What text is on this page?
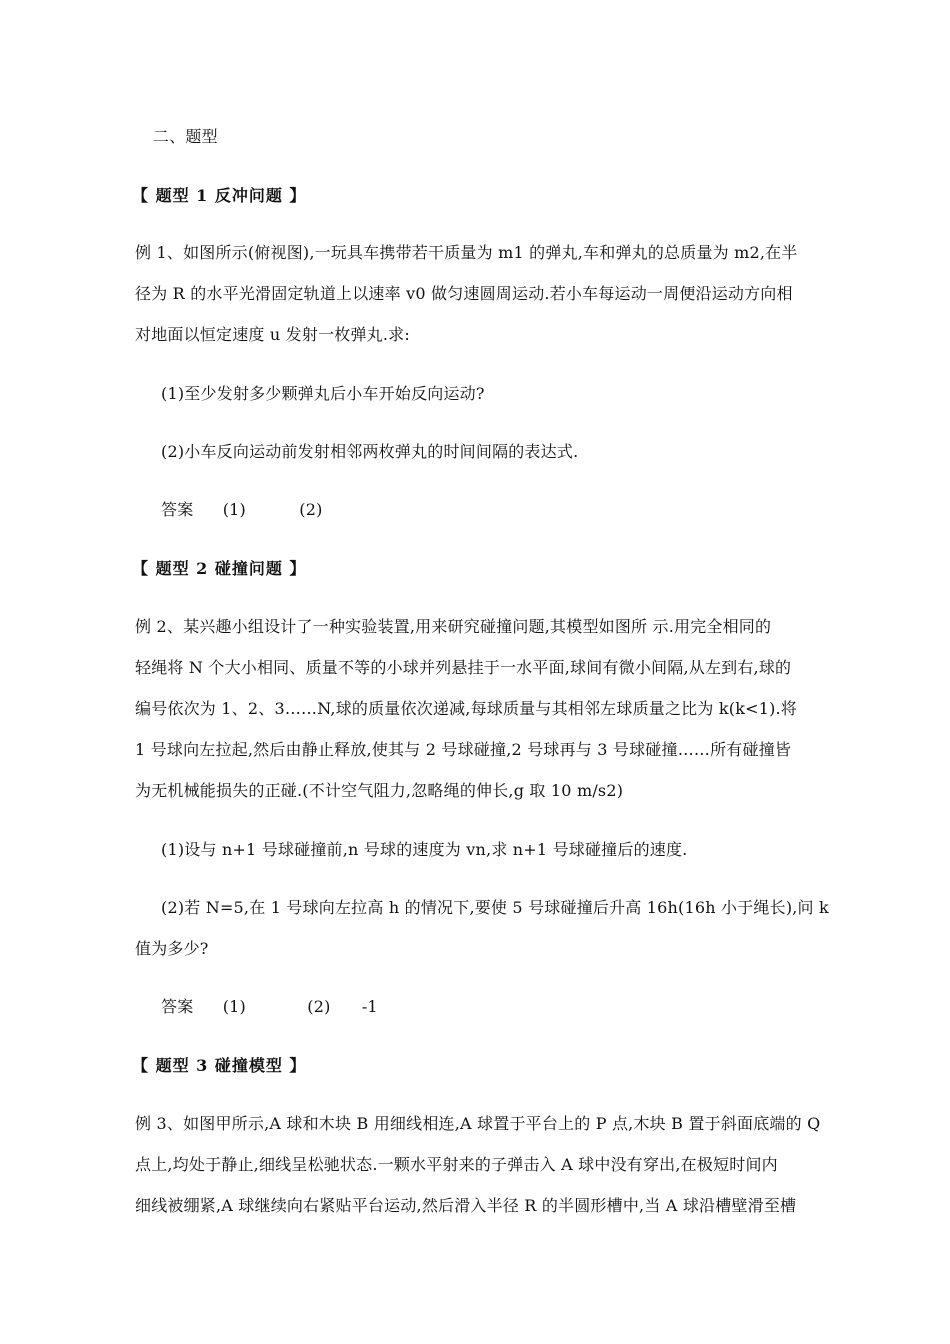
二、题型
【 题型 1 反冲问题 】
例 1、如图所示(俯视图),一玩具车携带若干质量为 m1 的弹丸,车和弹丸的总质量为 m2,在半
径为 R 的水平光滑固定轨道上以速率 v0 做匀速圆周运动.若小车每运动一周便沿运动方向相
对地面以恒定速度 u 发射一枚弹丸.求:
(1)至少发射多少颗弹丸后小车开始反向运动?
(2)小车反向运动前发射相邻两枚弹丸的时间间隔的表达式.
答案 (1)	(2)
【 题型 2 碰撞问题 】
例 2、某兴趣小组设计了一种实验装置,用来研究碰撞问题,其模型如图所 示.用完全相同的
轻绳将 N 个大小相同、质量不等的小球并列悬挂于一水平面,球间有微小间隔,从左到右,球的
编号依次为 1、2、3……N,球的质量依次递减,每球质量与其相邻左球质量之比为 k(k<1).将
1 号球向左拉起,然后由静止释放,使其与 2 号球碰撞,2 号球再与 3 号球碰撞……所有碰撞皆
为无机械能损失的正碰.(不计空气阻力,忽略绳的伸长,g 取 10 m/s2)
(1)设与 n+1 号球碰撞前,n 号球的速度为 vn,求 n+1 号球碰撞后的速度.
(2)若 N=5,在 1 号球向左拉高 h 的情况下,要使 5 号球碰撞后升高 16h(16h 小于绳长),问 k
值为多少?
答案 (1)	(2) -1
【 题型 3 碰撞模型 】
例 3、如图甲所示,A 球和木块 B 用细线相连,A 球置于平台上的 P 点,木块 B 置于斜面底端的 Q
点上,均处于静止,细线呈松驰状态.一颗水平射来的子弹击入 A 球中没有穿出,在极短时间内
细线被绷紧,A 球继续向右紧贴平台运动,然后滑入半径 R 的半圆形槽中,当 A 球沿槽壁滑至槽
